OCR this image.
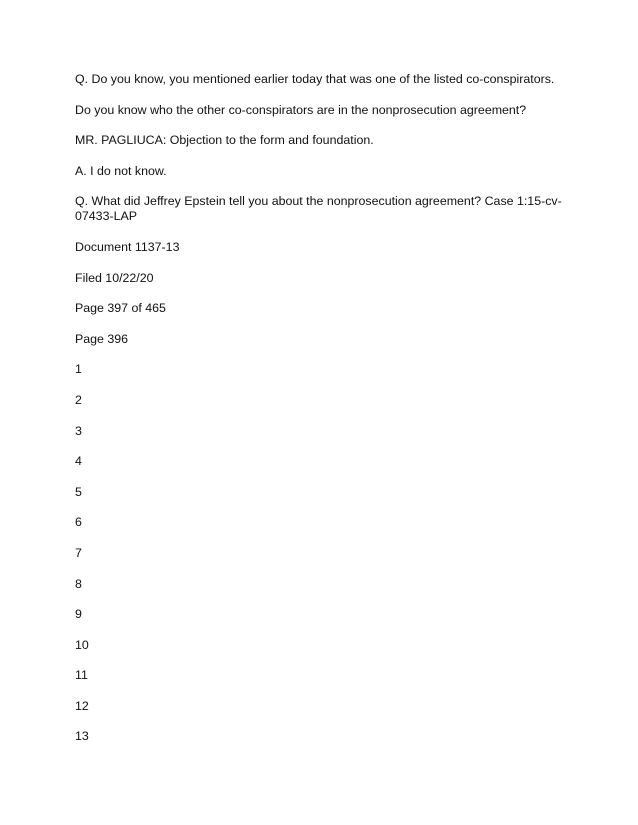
Q. Do you know, you mentioned earlier today that was one of the listed co-conspirators.

Do you know who the other co-conspirators are in the nonprosecution agreement?

MR. PAGLIUCA: Objection to the form and foundation.

A. I do not know.

Q. What did Jeffrey Epstein tell you about the nonprosecution agreement? Case 1:15-cv-07433-LAP

Document 1137-13

Filed 10/22/20

Page 397 of 465

Page 396

1

2

3

4

5

6

7

8

9

10

11

12

13
